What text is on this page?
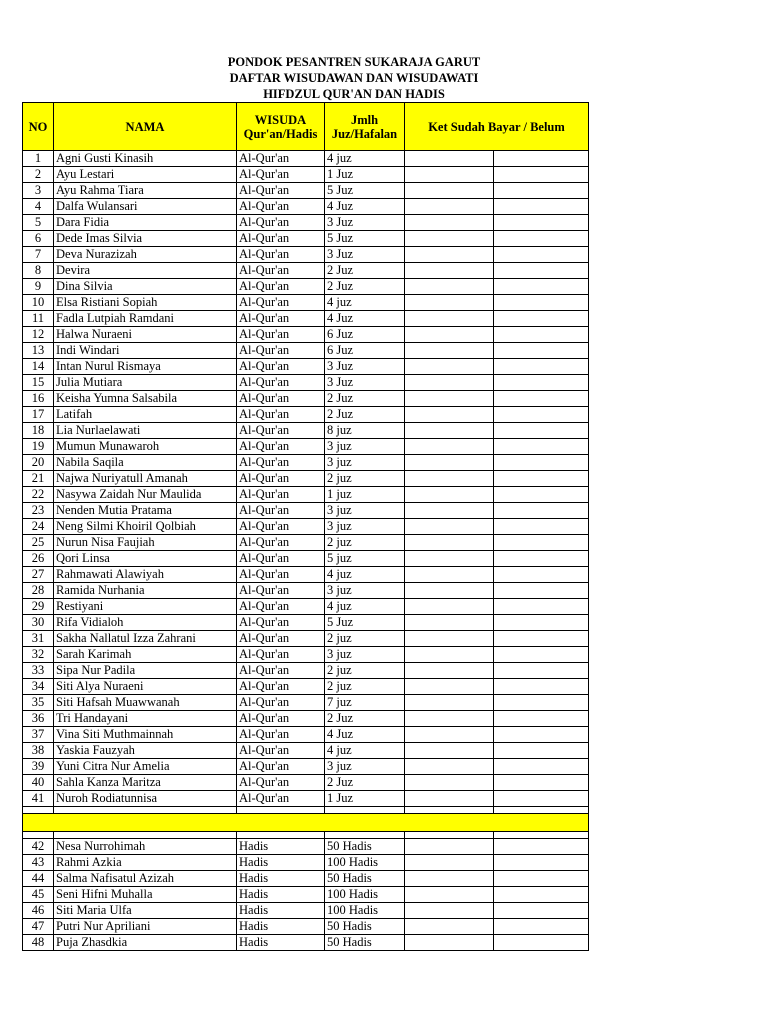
PONDOK PESANTREN SUKARAJA GARUT
DAFTAR WISUDAWAN DAN WISUDAWATI
HIFDZUL QUR'AN DAN HADIS
NO	NAMA	WISUDA Qur'an/Hadis	Jmlh Juz/Hafalan	Ket Sudah Bayar / Belum	
1	Agni Gusti Kinasih	Al-Qur'an	4 juz		
2	Ayu Lestari	Al-Qur'an	1 Juz		
3	Ayu Rahma Tiara	Al-Qur'an	5 Juz		
4	Dalfa Wulansari	Al-Qur'an	4 Juz		
5	Dara Fidia	Al-Qur'an	3 Juz		
6	Dede Imas Silvia	Al-Qur'an	5 Juz		
7	Deva Nurazizah	Al-Qur'an	3 Juz		
8	Devira	Al-Qur'an	2 Juz		
9	Dina Silvia	Al-Qur'an	2 Juz		
10	Elsa Ristiani Sopiah	Al-Qur'an	4 juz		
11	Fadla Lutpiah Ramdani	Al-Qur'an	4 Juz		
12	Halwa Nuraeni	Al-Qur'an	6 Juz		
13	Indi Windari	Al-Qur'an	6 Juz		
14	Intan Nurul Rismaya	Al-Qur'an	3 Juz		
15	Julia Mutiara	Al-Qur'an	3 Juz		
16	Keisha Yumna Salsabila	Al-Qur'an	2 Juz		
17	Latifah	Al-Qur'an	2 Juz		
18	Lia Nurlaelawati	Al-Qur'an	8 juz		
19	Mumun Munawaroh	Al-Qur'an	3 juz		
20	Nabila Saqila	Al-Qur'an	3 juz		
21	Najwa Nuriyatull Amanah	Al-Qur'an	2 juz		
22	Nasywa Zaidah Nur Maulida	Al-Qur'an	1 juz		
23	Nenden Mutia Pratama	Al-Qur'an	3 juz		
24	Neng Silmi Khoiril Qolbiah	Al-Qur'an	3 juz		
25	Nurun Nisa Faujiah	Al-Qur'an	2 juz		
26	Qori Linsa	Al-Qur'an	5 juz		
27	Rahmawati Alawiyah	Al-Qur'an	4 juz		
28	Ramida Nurhania	Al-Qur'an	3 juz		
29	Restiyani	Al-Qur'an	4 juz		
30	Rifa Vidialoh	Al-Qur'an	5 Juz		
31	Sakha Nallatul Izza Zahrani	Al-Qur'an	2 juz		
32	Sarah Karimah	Al-Qur'an	3 juz		
33	Sipa Nur Padila	Al-Qur'an	2 juz		
34	Siti Alya Nuraeni	Al-Qur'an	2 juz		
35	Siti Hafsah Muawwanah	Al-Qur'an	7 juz		
36	Tri Handayani	Al-Qur'an	2 Juz		
37	Vina Siti Muthmainnah	Al-Qur'an	4 Juz		
38	Yaskia Fauzyah	Al-Qur'an	4 juz		
39	Yuni Citra Nur Amelia	Al-Qur'an	3 juz		
40	Sahla Kanza Maritza	Al-Qur'an	2 Juz		
41	Nuroh Rodiatunnisa	Al-Qur'an	1 Juz		

42	Nesa Nurrohimah	Hadis	50 Hadis		
43	Rahmi Azkia	Hadis	100 Hadis		
44	Salma Nafisatul Azizah	Hadis	50 Hadis		
45	Seni Hifni Muhalla	Hadis	100 Hadis		
46	Siti Maria Ulfa	Hadis	100 Hadis		
47	Putri Nur Apriliani	Hadis	50 Hadis		
48	Puja Zhasdkia	Hadis	50 Hadis		
